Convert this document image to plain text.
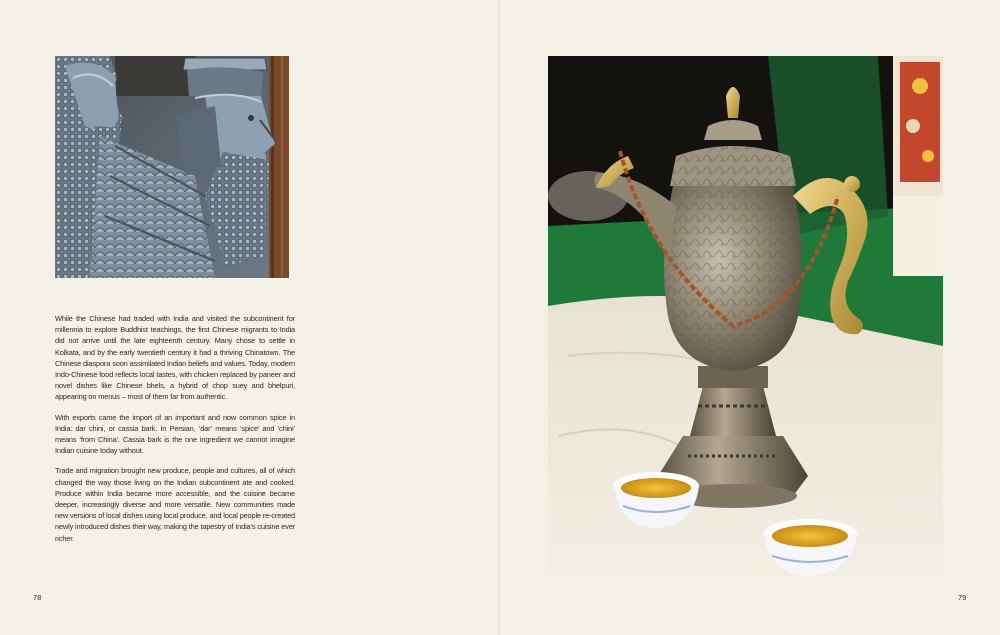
While the Chinese had traded with India and visited the subcontinent for millennia to explore Buddhist teachings, the first Chinese migrants to India did not arrive until the late eighteenth century. Many chose to settle in Kolkata, and by the early twentieth century it had a thriving Chinatown. The Chinese diaspora soon assimilated Indian beliefs and values. Today, modern Indo-Chinese food reflects local tastes, with chicken replaced by paneer and novel dishes like Chinese bhels, a hybrid of chop suey and bhelpuri, appearing on menus – most of them far from authentic.

With exports came the import of an important and now common spice in India: dar chini, or cassia bark. In Persian, ‘dar’ means ‘spice’ and ‘chini’ means ‘from China’. Cassia bark is the one ingredient we cannot imagine Indian cuisine today without.

Trade and migration brought new produce, people and cultures, all of which changed the way those living on the Indian subcontinent ate and cooked. Produce within India became more accessible, and the cuisine became deeper, increasingly diverse and more versatile. New communities made new versions of local dishes using local produce, and local people re-created newly introduced dishes their way, making the tapestry of India’s cuisine ever richer.

78	79
